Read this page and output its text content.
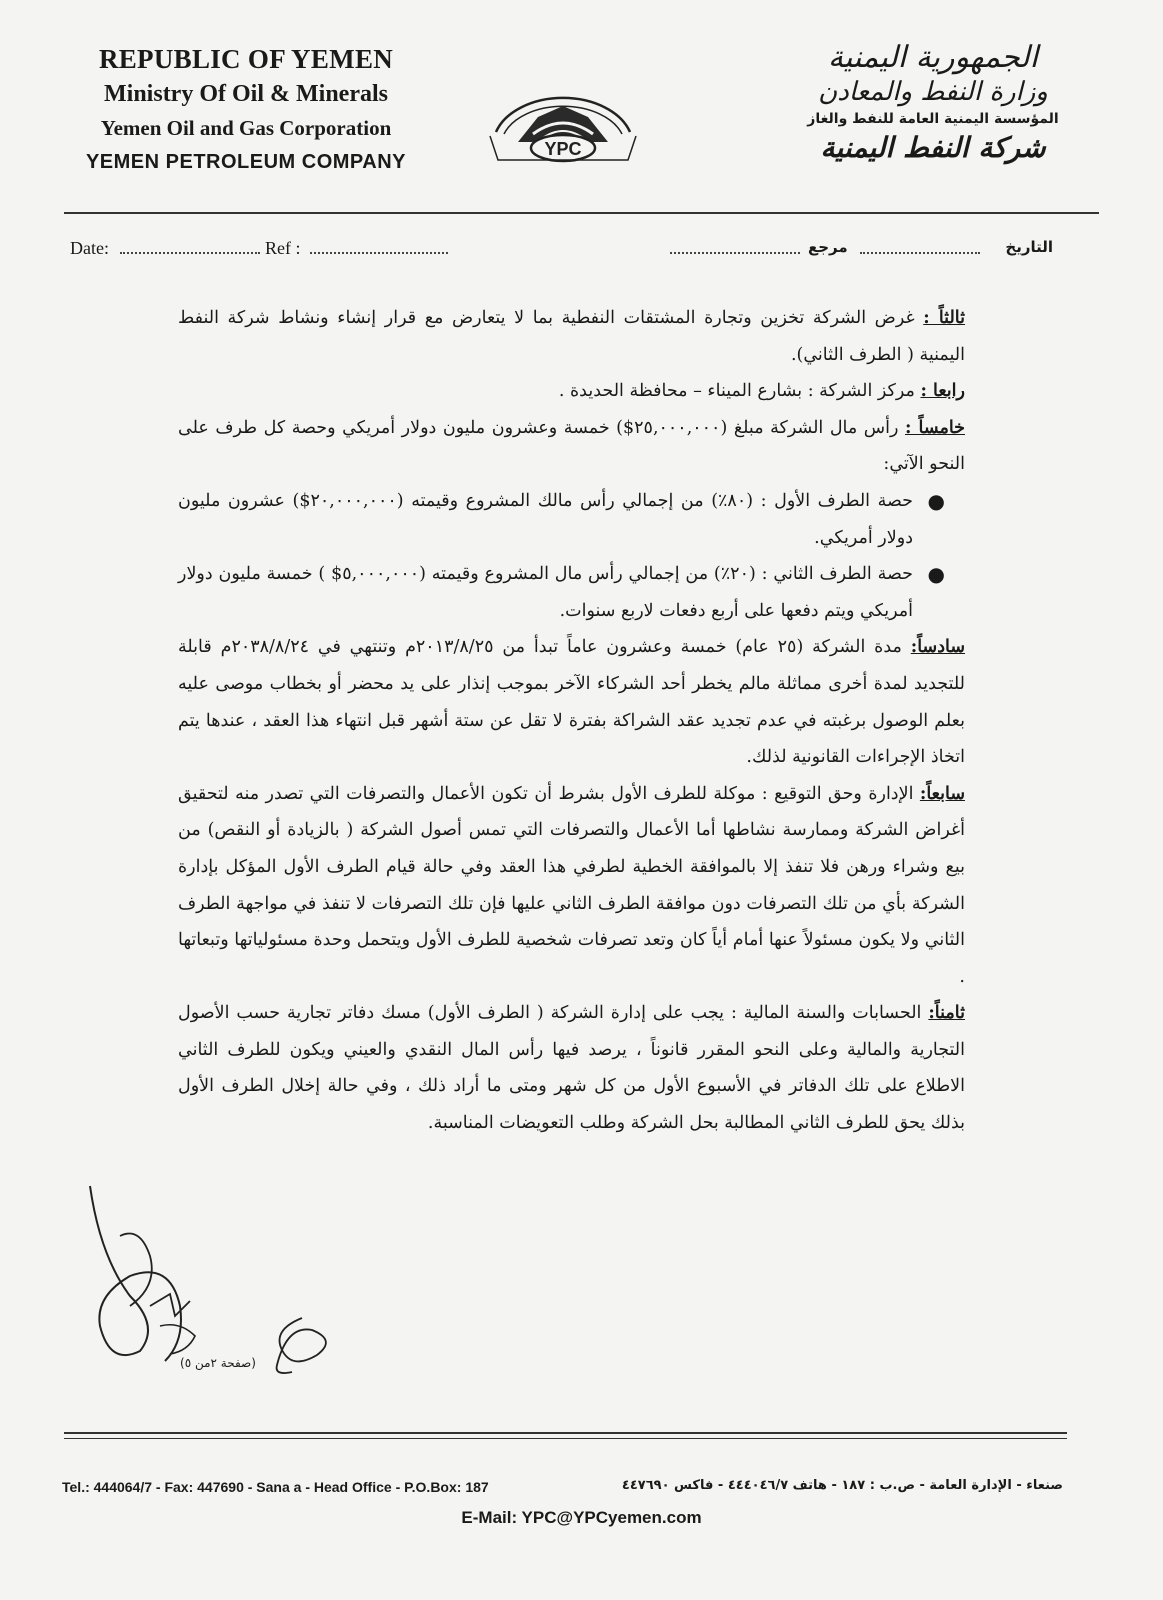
REPUBLIC OF YEMEN
Ministry Of Oil & Minerals
Yemen Oil and Gas Corporation
YEMEN PETROLEUM COMPANY
YPC
الجمهورية اليمنية
وزارة النفط والمعادن
المؤسسة اليمنية العامة للنفط والغاز
شركة النفط اليمنية
Date:	Ref :	مرجع	التاريخ

ثالثاً : غرض الشركة تخزين وتجارة المشتقات النفطية بما لا يتعارض مع قرار إنشاء ونشاط شركة النفط اليمنية ( الطرف الثاني).

رابعا : مركز الشركة : بشارع الميناء – محافظة الحديدة .

خامساً : رأس مال الشركة مبلغ (٢٥,٠٠٠,٠٠٠$) خمسة وعشرون مليون دولار أمريكي وحصة كل طرف على النحو الآتي:

●
حصة الطرف الأول : (٨٠٪) من إجمالي رأس مالك المشروع وقيمته (٢٠,٠٠٠,٠٠٠$) عشرون مليون دولار أمريكي.

●
حصة الطرف الثاني : (٢٠٪) من إجمالي رأس مال المشروع وقيمته (٥,٠٠٠,٠٠٠$ ) خمسة مليون دولار أمريكي ويتم دفعها على أربع دفعات لاربع سنوات.

سادساً: مدة الشركة (٢٥ عام) خمسة وعشرون عاماً تبدأ من ٢٠١٣/٨/٢٥م وتنتهي في ٢٠٣٨/٨/٢٤م قابلة للتجديد لمدة أخرى مماثلة مالم يخطر أحد الشركاء الآخر بموجب إنذار على يد محضر أو بخطاب موصى عليه بعلم الوصول برغبته في عدم تجديد عقد الشراكة بفترة لا تقل عن ستة أشهر قبل انتهاء هذا العقد ، عندها يتم اتخاذ الإجراءات القانونية لذلك.

سابعاً: الإدارة وحق التوقيع : موكلة للطرف الأول بشرط أن تكون الأعمال والتصرفات التي تصدر منه لتحقيق أغراض الشركة وممارسة نشاطها أما الأعمال والتصرفات التي تمس أصول الشركة ( بالزيادة أو النقص) من بيع وشراء ورهن فلا تنفذ إلا بالموافقة الخطية لطرفي هذا العقد وفي حالة قيام الطرف الأول المؤكل بإدارة الشركة بأي من تلك التصرفات دون موافقة الطرف الثاني عليها فإن تلك التصرفات لا تنفذ في مواجهة الطرف الثاني ولا يكون مسئولاً عنها أمام أياً كان وتعد تصرفات شخصية للطرف الأول ويتحمل وحدة مسئولياتها وتبعاتها .

ثامناً: الحسابات والسنة المالية : يجب على إدارة الشركة ( الطرف الأول) مسك دفاتر تجارية حسب الأصول التجارية والمالية وعلى النحو المقرر قانوناً ، يرصد فيها رأس المال النقدي والعيني ويكون للطرف الثاني الاطلاع على تلك الدفاتر في الأسبوع الأول من كل شهر ومتى ما أراد ذلك ، وفي حالة إخلال الطرف الأول بذلك يحق للطرف الثاني المطالبة بحل الشركة وطلب التعويضات المناسبة.

(صفحة ٢من ٥)
Tel.: 444064/7 - Fax: 447690 - Sana a - Head Office - P.O.Box: 187	صنعاء - الإدارة العامة - ص.ب : ١٨٧ - هاتف ٤٤٤٠٤٦/٧ - فاكس ٤٤٧٦٩٠
E-Mail: YPC@YPCyemen.com
